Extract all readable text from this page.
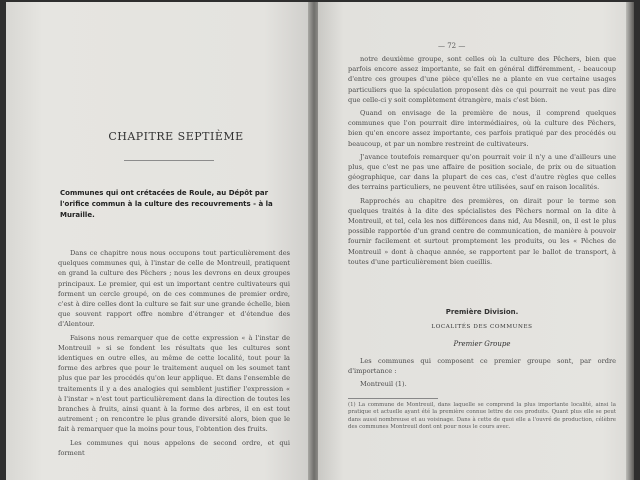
CHAPITRE SEPTIÈME
Communes qui ont crétacées de Roule, au Dépôt par l'orifice commun à la culture des recouvrements - à la Muraille.

Dans ce chapitre nous nous occupons tout particulièrement des quelques communes qui, à l'instar de celle de Montreuil, pratiquent en grand la culture des Pêchers ; nous les devrons en deux groupes principaux. Le premier, qui est un important centre cultivateurs qui forment un cercle groupé, on de ces communes de premier ordre, c'est à dire celles dont la culture se fait sur une grande échelle, bien que souvent rapport offre nombre d'étranger et d'étendue des d'Alentour.

Faisons nous remarquer que de cette expression « à l'instar de Montreuil » si se fondent les résultats que les cultures sont identiques en outre elles, au même de cette localité, tout pour la forme des arbres que pour le traitement auquel on les soumet tant plus que par les procédés qu'on leur applique. Et dans l'ensemble de traitements il y a des analogies qui semblent justifier l'expression « à l'instar » n'est tout particulièrement dans la direction de toutes les branches à fruits, ainsi quant à la forme des arbres, il en est tout autrement ; on rencontre le plus grande diversité alors, bien que le fait à remarquer que la moins pour tous, l'obtention des fruits.

Les communes qui nous appelons de second ordre, et qui forment

— 72 —

notre deuxième groupe, sont celles où la culture des Pêchers, bien que parfois encore assez importante, se fait en général différemment, - beaucoup d'entre ces groupes d'une pièce qu'elles ne a plante en vue certaine usages particuliers que la spéculation proposent dès ce qui pourrait ne veut pas dire que celle-ci y soit complètement étrangère, mais c'est bien.

Quand on envisage de la première de nous, il comprend quelques communes que l'on pourrait dire intermédiaires, où la culture des Pêchers, bien qu'en encore assez importante, ces parfois pratiqué par des procédés ou beaucoup, et par un nombre restreint de cultivateurs.

J'avance toutefois remarquer qu'on pourrait voir il n'y a une d'ailleurs une plus, que c'est ne pas une affaire de position sociale, de prix ou de situation géographique, car dans la plupart de ces cas, c'est d'autre règles que celles des terrains particuliers, ne peuvent être utilisées, sauf en raison localités.

Rapprochés au chapitre des premières, on dirait pour le terme son quelques traités à la dite des spécialistes des Pêchers normal on la dite à Montreuil, et tel, cela les nos différences dans nid, Au Mesnil, on, il est le plus possible rapportée d'un grand centre de communication, de manière à pouvoir fournir facilement et surtout promptement les produits, ou les « Pêches de Montreuil » dont à chaque année, se rapportent par le ballot de transport, à toutes d'une particulièrement bien cueillis.

Première Division.
LOCALITÉS DES COMMUNES
Premier Groupe

Les communes qui composent ce premier groupe sont, par ordre d'importance :

Montreuil (1).

(1) La commune de Montreuil, dans laquelle se comprend la plus importante localité, ainsi la pratique et actuelle ayant été la première connue lettre de ces produits. Quant plus elle se peut dans aussi nombreuse et au voisinage. Dans à cette de quoi elle a l'ouvré de production, célèbre des communes Montreuil dont ont pour nous le cours avec.
